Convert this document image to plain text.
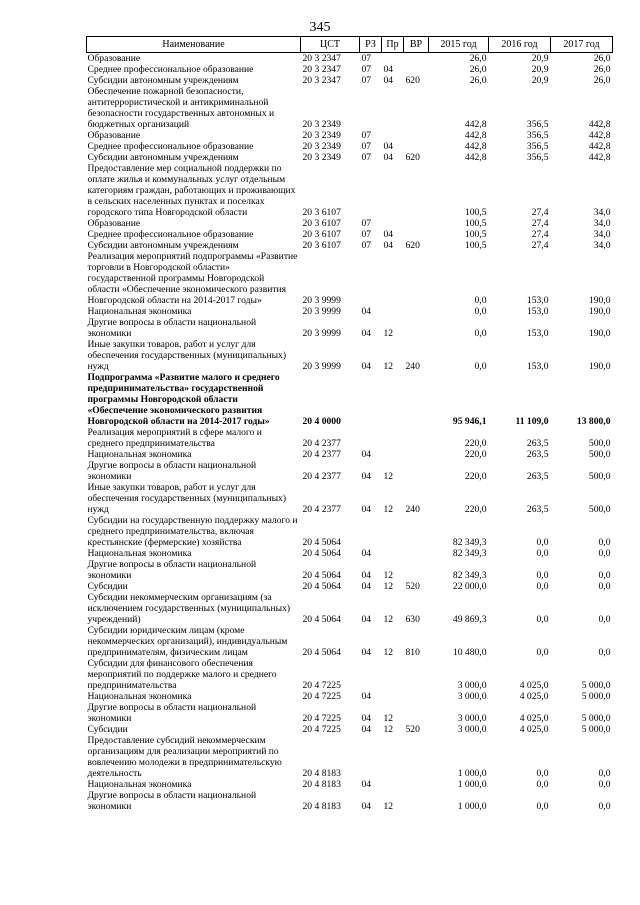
345
Наименование	ЦСТ	РЗ	Пр	ВР	2015 год	2016 год	2017 год
Образование	20 3 2347	07			26,0	20,9	26,0
Среднее профессиональное образование	20 3 2347	07	04		26,0	20,9	26,0
Субсидии автономным учреждениям	20 3 2347	07	04	620	26,0	20,9	26,0
Обеспечение пожарной безопасности, антитеррористической и антикриминальной безопасности государственных автономных и бюджетных организаций	20 3 2349				442,8	356,5	442,8
Образование	20 3 2349	07			442,8	356,5	442,8
Среднее профессиональное образование	20 3 2349	07	04		442,8	356,5	442,8
Субсидии автономным учреждениям	20 3 2349	07	04	620	442,8	356,5	442,8
Предоставление мер социальной поддержки по оплате жилья и коммунальных услуг отдельным категориям граждан, работающих и проживающих в сельских населенных пунктах и поселках городского типа Новгородской области	20 3 6107				100,5	27,4	34,0
Образование	20 3 6107	07			100,5	27,4	34,0
Среднее профессиональное образование	20 3 6107	07	04		100,5	27,4	34,0
Субсидии автономным учреждениям	20 3 6107	07	04	620	100,5	27,4	34,0
Реализация мероприятий подпрограммы «Развитие торговли в Новгородской области» государственной программы Новгородской области «Обеспечение экономического развития Новгородской области на 2014-2017 годы»	20 3 9999				0,0	153,0	190,0
Национальная экономика	20 3 9999	04			0,0	153,0	190,0
Другие вопросы в области национальной экономики	20 3 9999	04	12		0,0	153,0	190,0
Иные закупки товаров, работ и услуг для обеспечения государственных (муниципальных) нужд	20 3 9999	04	12	240	0,0	153,0	190,0
Подпрограмма «Развитие малого и среднего предпринимательства» государственной программы Новгородской области «Обеспечение экономического развития Новгородской области на 2014-2017 годы»	20 4 0000				95 946,1	11 109,0	13 800,0
Реализация мероприятий в сфере малого и среднего предпринимательства	20 4 2377				220,0	263,5	500,0
Национальная экономика	20 4 2377	04			220,0	263,5	500,0
Другие вопросы в области национальной экономики	20 4 2377	04	12		220,0	263,5	500,0
Иные закупки товаров, работ и услуг для обеспечения государственных (муниципальных) нужд	20 4 2377	04	12	240	220,0	263,5	500,0
Субсидии на государственную поддержку малого и среднего предпринимательства, включая крестьянские (фермерские) хозяйства	20 4 5064				82 349,3	0,0	0,0
Национальная экономика	20 4 5064	04			82 349,3	0,0	0,0
Другие вопросы в области национальной экономики	20 4 5064	04	12		82 349,3	0,0	0,0
Субсидии	20 4 5064	04	12	520	22 000,0	0,0	0,0
Субсидии некоммерческим организациям (за исключением государственных (муниципальных) учреждений)	20 4 5064	04	12	630	49 869,3	0,0	0,0
Субсидии юридическим лицам (кроме некоммерческих организаций), индивидуальным предпринимателям, физическим лицам	20 4 5064	04	12	810	10 480,0	0,0	0,0
Субсидии для финансового обеспечения мероприятий по поддержке малого и среднего предпринимательства	20 4 7225				3 000,0	4 025,0	5 000,0
Национальная экономика	20 4 7225	04			3 000,0	4 025,0	5 000,0
Другие вопросы в области национальной экономики	20 4 7225	04	12		3 000,0	4 025,0	5 000,0
Субсидии	20 4 7225	04	12	520	3 000,0	4 025,0	5 000,0
Предоставление субсидий некоммерческим организациям для реализации мероприятий по вовлечению молодежи в предпринимательскую деятельность	20 4 8183				1 000,0	0,0	0,0
Национальная экономика	20 4 8183	04			1 000,0	0,0	0,0
Другие вопросы в области национальной экономики	20 4 8183	04	12		1 000,0	0,0	0,0
